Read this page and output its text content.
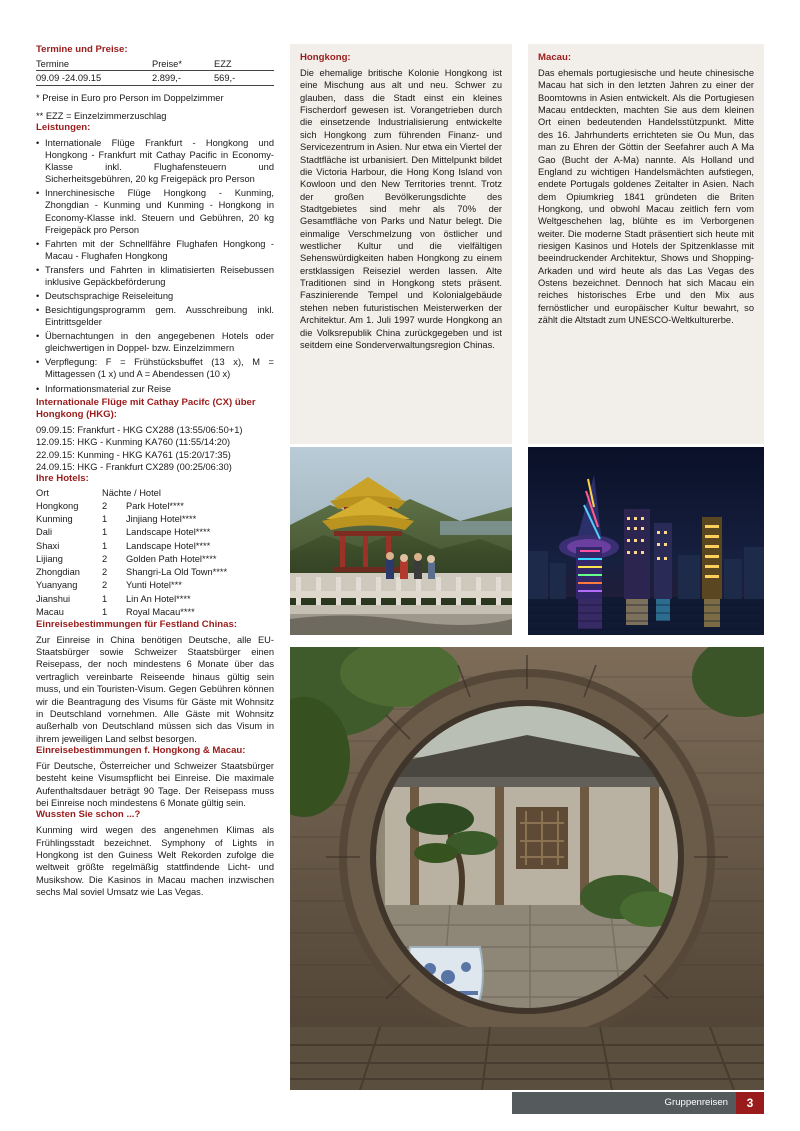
Termine und Preise:
Termine	Preise*	EZZ
09.09 -24.09.15	2.899,-	569,-

* Preise in Euro pro Person im Doppelzimmer

** EZZ = Einzelzimmerzuschlag

Leistungen:
• Internationale Flüge Frankfurt - Hongkong und Hongkong - Frankfurt mit Cathay Pacific in Economy-Klasse inkl. Flughafensteuern und Sicherheitsgebühren, 20 kg Freigepäck pro Person
• Innerchinesische Flüge Hongkong - Kunming, Zhongdian - Kunming und Kunming - Hongkong in Economy-Klasse inkl. Steuern und Gebühren, 20 kg Freigepäck pro Person
• Fahrten mit der Schnellfähre Flughafen Hongkong - Macau - Flughafen Hongkong
• Transfers und Fahrten in klimatisierten Reisebussen inklusive Gepäckbeförderung
• Deutschsprachige Reiseleitung
• Besichtigungsprogramm gem. Ausschreibung inkl. Eintrittsgelder
• Übernachtungen in den angegebenen Hotels oder gleichwertigen in Doppel- bzw. Einzelzimmern
• Verpflegung: F = Frühstücksbuffet (13 x), M = Mittagessen (1 x) und A = Abendessen (10 x)
• Informationsmaterial zur Reise
Internationale Flüge mit Cathay Pacifc (CX) über Hongkong (HKG):
09.09.15: Frankfurt - HKG CX288 (13:55/06:50+1)
12.09.15: HKG - Kunming KA760 (11:55/14:20)
22.09.15: Kunming - HKG KA761 (15:20/17:35)
24.09.15: HKG - Frankfurt CX289 (00:25/06:30)
Ihre Hotels:
Ort	Nächte / Hotel	
Hongkong	2	Park Hotel****
Kunming	1	Jinjiang Hotel****
Dali	1	Landscape Hotel****
Shaxi	1	Landscape Hotel****
Lijiang	2	Golden Path Hotel****
Zhongdian	2	Shangri-La Old Town****
Yuanyang	2	Yunti Hotel***
Jianshui	1	Lin An Hotel****
Macau	1	Royal Macau****
Einreisebestimmungen für Festland Chinas:

Zur Einreise in China benötigen Deutsche, alle EU-Staatsbürger sowie Schweizer Staatsbürger einen Reisepass, der noch mindestens 6 Monate über das vertraglich vereinbarte Reiseende hinaus gültig sein muss, und ein Touristen-Visum. Gegen Gebühren können wir die Beantragung des Visums für Gäste mit Wohnsitz in Deutschland vornehmen. Alle Gäste mit Wohnsitz außerhalb von Deutschland müssen sich das Visum in ihrem jeweiligen Land selbst besorgen.

Einreisebestimmungen f. Hongkong & Macau:

Für Deutsche, Österreicher und Schweizer Staatsbürger besteht keine Visumspflicht bei Einreise. Die maximale Aufenthaltsdauer beträgt 90 Tage. Der Reisepass muss bei Einreise noch mindestens 6 Monate gültig sein.

Wussten Sie schon ...?

Kunming wird wegen des angenehmen Klimas als Frühlingsstadt bezeichnet. Symphony of Lights in Hongkong ist den Guiness Welt Rekorden zufolge die weltweit größte regelmäßig stattfindende Licht- und Musikshow. Die Kasinos in Macau machen inzwischen sechs Mal soviel Umsatz wie Las Vegas.

Hongkong:

Die ehemalige britische Kolonie Hongkong ist eine Mischung aus alt und neu. Schwer zu glauben, dass die Stadt einst ein kleines Fischerdorf gewesen ist. Vorangetrieben durch die einsetzende Industrialisierung entwickelte sich Hongkong zum führenden Finanz- und Servicezentrum in Asien. Nur etwa ein Viertel der Stadtfläche ist urbanisiert. Den Mittelpunkt bildet die Victoria Harbour, die Hong Kong Island von Kowloon und den New Territories trennt. Trotz der großen Bevölkerungsdichte des Stadtgebietes sind mehr als 70% der Gesamtfläche von Parks und Natur belegt. Die einmalige Verschmelzung von östlicher und westlicher Kultur und die vielfältigen Sehenswürdigkeiten haben Hongkong zu einem erstklassigen Reiseziel werden lassen. Alte Traditionen sind in Hongkong stets präsent. Faszinierende Tempel und Kolonialgebäude stehen neben futuristischen Meisterwerken der Architektur. Am 1. Juli 1997 wurde Hongkong an die Volksrepublik China zurückgegeben und ist seitdem eine Sonderverwaltungsregion Chinas.

Macau:

Das ehemals portugiesische und heute chinesische Macau hat sich in den letzten Jahren zu einer der Boomtowns in Asien entwickelt. Als die Portugiesen Macau entdeckten, machten Sie aus dem kleinen Ort einen bedeutenden Handelsstützpunkt. Mitte des 16. Jahrhunderts errichteten sie Ou Mun, das man zu Ehren der Göttin der Seefahrer auch A Ma Gao (Bucht der A-Ma) nannte. Als Holland und England zu wichtigen Handelsmächten aufstiegen, endete Portugals goldenes Zeitalter in Asien. Nach dem Opiumkrieg 1841 gründeten die Briten Hongkong, und obwohl Macau zeitlich fern vom Weltgeschehen lag, blühte es im Verborgenen weiter. Die moderne Stadt präsentiert sich heute mit riesigen Kasinos und Hotels der Spitzenklasse mit beeindruckender Architektur, Shows und Shopping-Arkaden und wird heute als das Las Vegas des Ostens bezeichnet. Dennoch hat sich Macau ein reiches historisches Erbe und den Mix aus fernöstlicher und europäischer Kultur bewahrt, so zählt die Altstadt zum UNESCO-Weltkulturerbe.

Gruppenreisen	3
